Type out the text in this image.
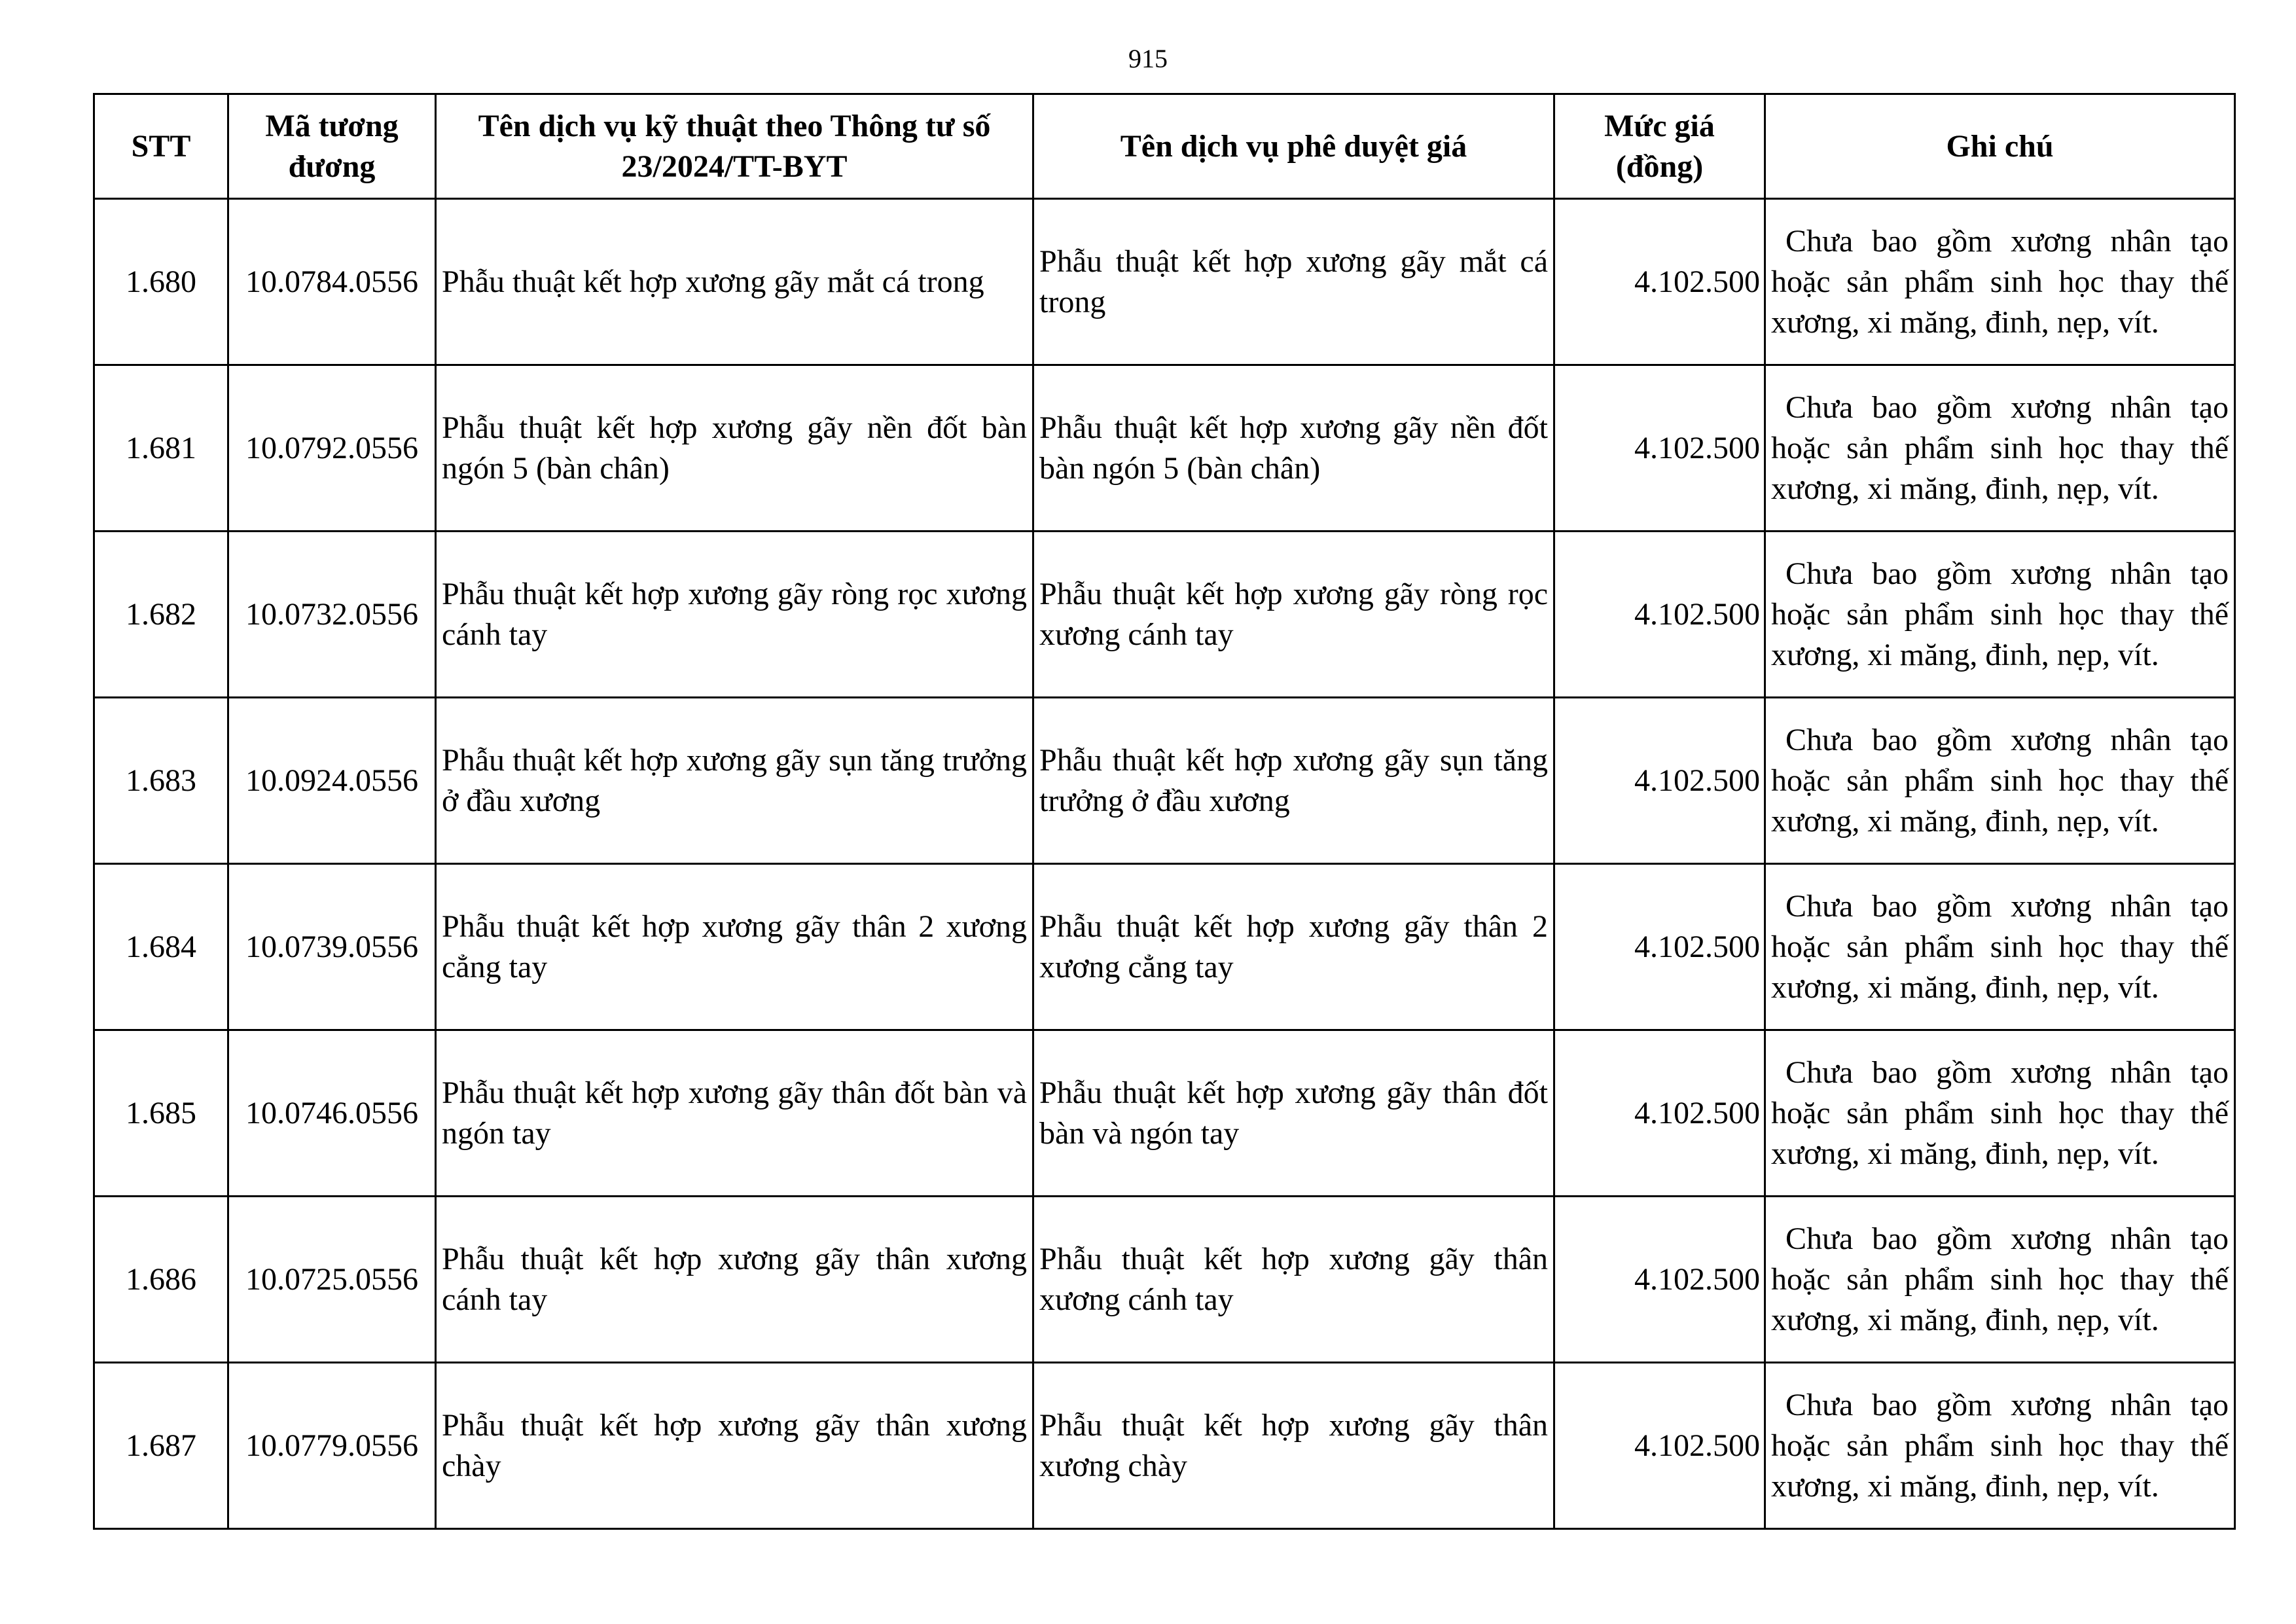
915
STT	Mã tương đương	Tên dịch vụ kỹ thuật theo Thông tư số 23/2024/TT-BYT	Tên dịch vụ phê duyệt giá	Mức giá (đồng)	Ghi chú
1.680	10.0784.0556	Phẫu thuật kết hợp xương gãy mắt cá trong	Phẫu thuật kết hợp xương gãy mắt cá trong	4.102.500	Chưa bao gồm xương nhân tạo hoặc sản phẩm sinh học thay thế xương, xi măng, đinh, nẹp, vít.
1.681	10.0792.0556	Phẫu thuật kết hợp xương gãy nền đốt bàn ngón 5 (bàn chân)	Phẫu thuật kết hợp xương gãy nền đốt bàn ngón 5 (bàn chân)	4.102.500	Chưa bao gồm xương nhân tạo hoặc sản phẩm sinh học thay thế xương, xi măng, đinh, nẹp, vít.
1.682	10.0732.0556	Phẫu thuật kết hợp xương gãy ròng rọc xương cánh tay	Phẫu thuật kết hợp xương gãy ròng rọc xương cánh tay	4.102.500	Chưa bao gồm xương nhân tạo hoặc sản phẩm sinh học thay thế xương, xi măng, đinh, nẹp, vít.
1.683	10.0924.0556	Phẫu thuật kết hợp xương gãy sụn tăng trưởng ở đầu xương	Phẫu thuật kết hợp xương gãy sụn tăng trưởng ở đầu xương	4.102.500	Chưa bao gồm xương nhân tạo hoặc sản phẩm sinh học thay thế xương, xi măng, đinh, nẹp, vít.
1.684	10.0739.0556	Phẫu thuật kết hợp xương gãy thân 2 xương cẳng tay	Phẫu thuật kết hợp xương gãy thân 2 xương cẳng tay	4.102.500	Chưa bao gồm xương nhân tạo hoặc sản phẩm sinh học thay thế xương, xi măng, đinh, nẹp, vít.
1.685	10.0746.0556	Phẫu thuật kết hợp xương gãy thân đốt bàn và ngón tay	Phẫu thuật kết hợp xương gãy thân đốt bàn và ngón tay	4.102.500	Chưa bao gồm xương nhân tạo hoặc sản phẩm sinh học thay thế xương, xi măng, đinh, nẹp, vít.
1.686	10.0725.0556	Phẫu thuật kết hợp xương gãy thân xương cánh tay	Phẫu thuật kết hợp xương gãy thân xương cánh tay	4.102.500	Chưa bao gồm xương nhân tạo hoặc sản phẩm sinh học thay thế xương, xi măng, đinh, nẹp, vít.
1.687	10.0779.0556	Phẫu thuật kết hợp xương gãy thân xương chày	Phẫu thuật kết hợp xương gãy thân xương chày	4.102.500	Chưa bao gồm xương nhân tạo hoặc sản phẩm sinh học thay thế xương, xi măng, đinh, nẹp, vít.
